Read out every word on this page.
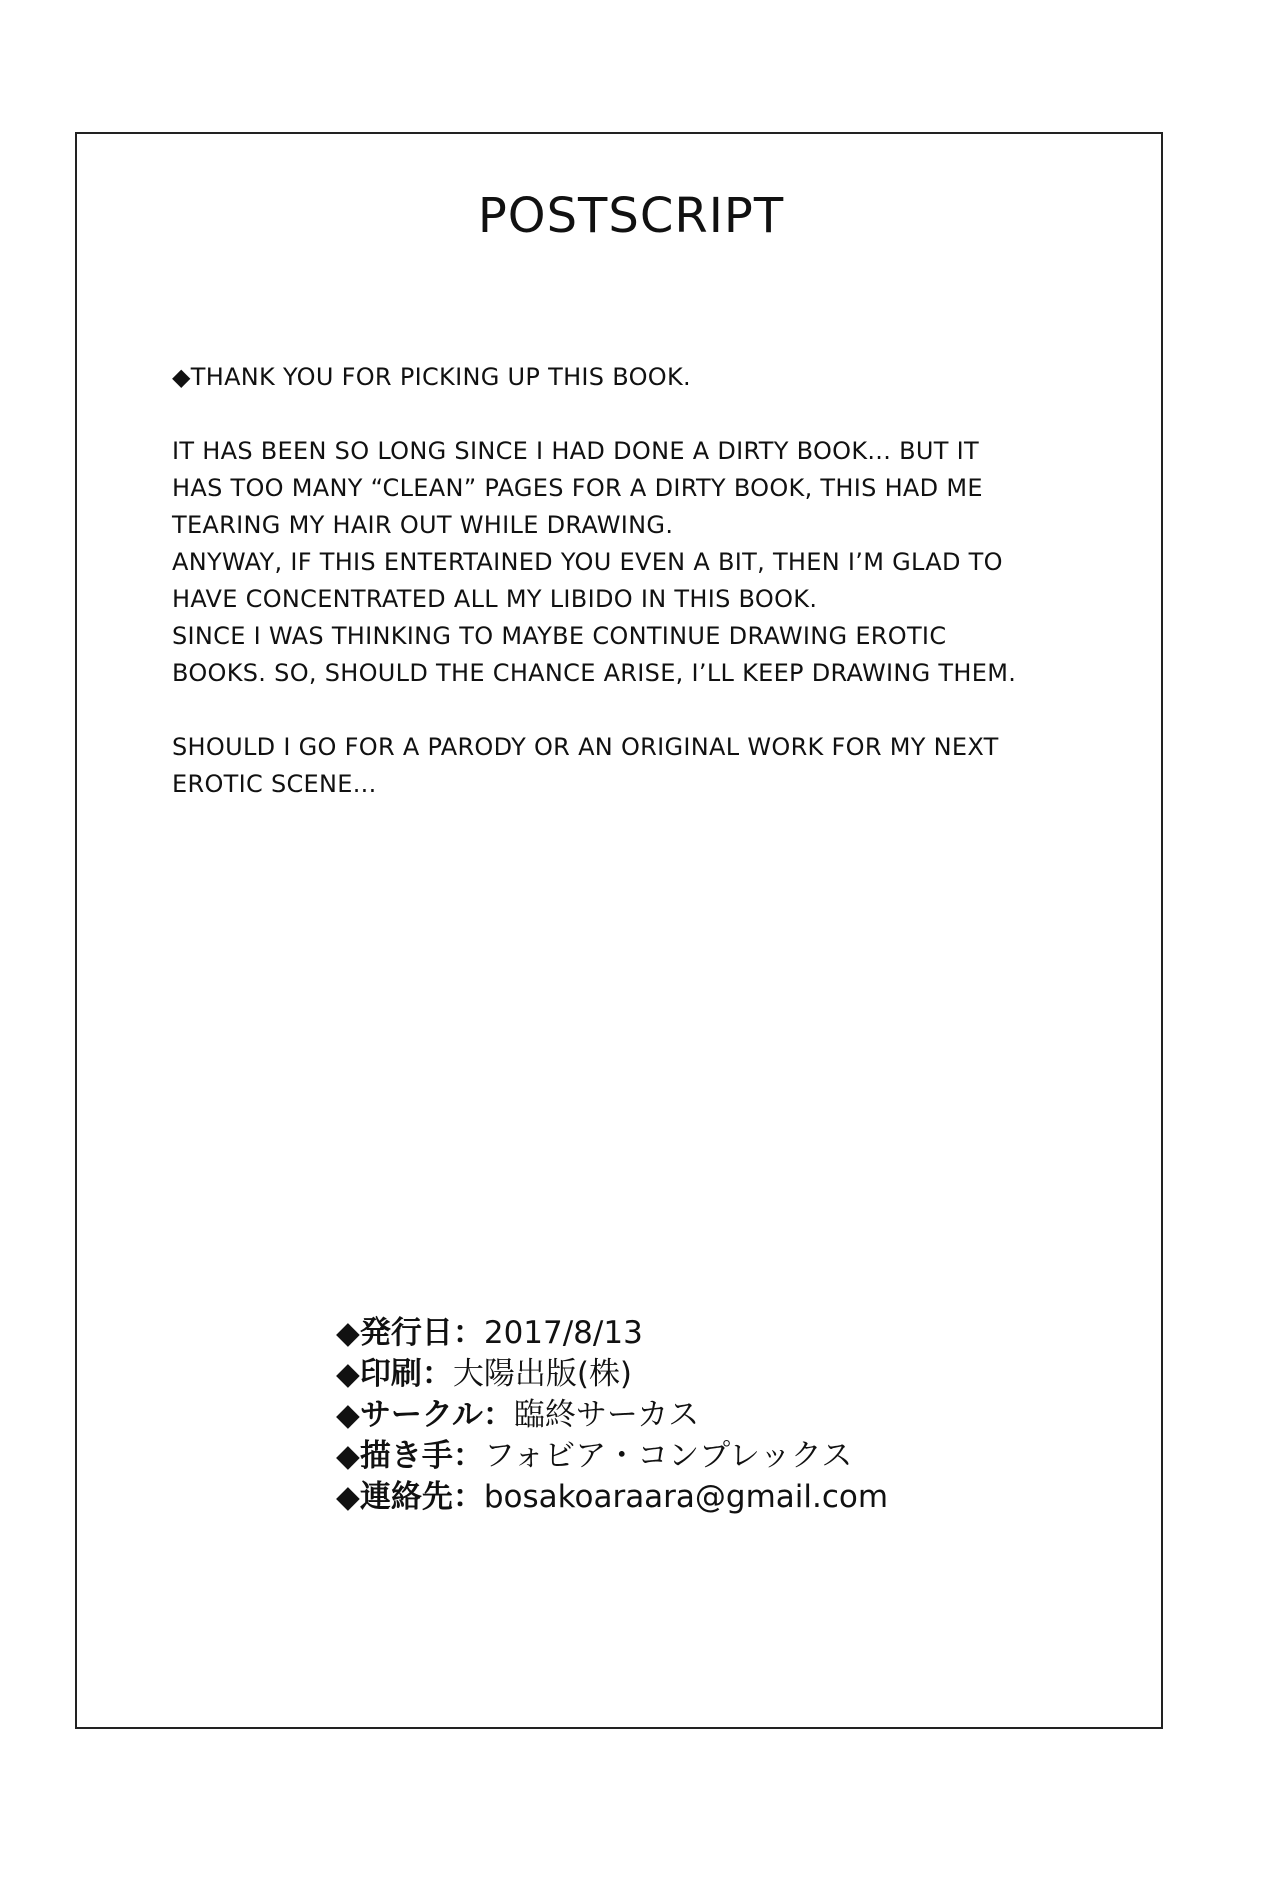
POSTSCRIPT

◆THANK YOU FOR PICKING UP THIS BOOK.

IT HAS BEEN SO LONG SINCE I HAD DONE A DIRTY BOOK... BUT IT

HAS TOO MANY “CLEAN” PAGES FOR A DIRTY BOOK, THIS HAD ME

TEARING MY HAIR OUT WHILE DRAWING.

ANYWAY, IF THIS ENTERTAINED YOU EVEN A BIT, THEN I’M GLAD TO

HAVE CONCENTRATED ALL MY LIBIDO IN THIS BOOK.

SINCE I WAS THINKING TO MAYBE CONTINUE DRAWING EROTIC

BOOKS. SO, SHOULD THE CHANCE ARISE, I’LL KEEP DRAWING THEM.

SHOULD I GO FOR A PARODY OR AN ORIGINAL WORK FOR MY NEXT

EROTIC SCENE...

◆発行日：2017/8/13
◆印刷：大陽出版(株)
◆サークル：臨終サーカス
◆描き手：フォビア・コンプレックス
◆連絡先：bosakoaraara@gmail.com
